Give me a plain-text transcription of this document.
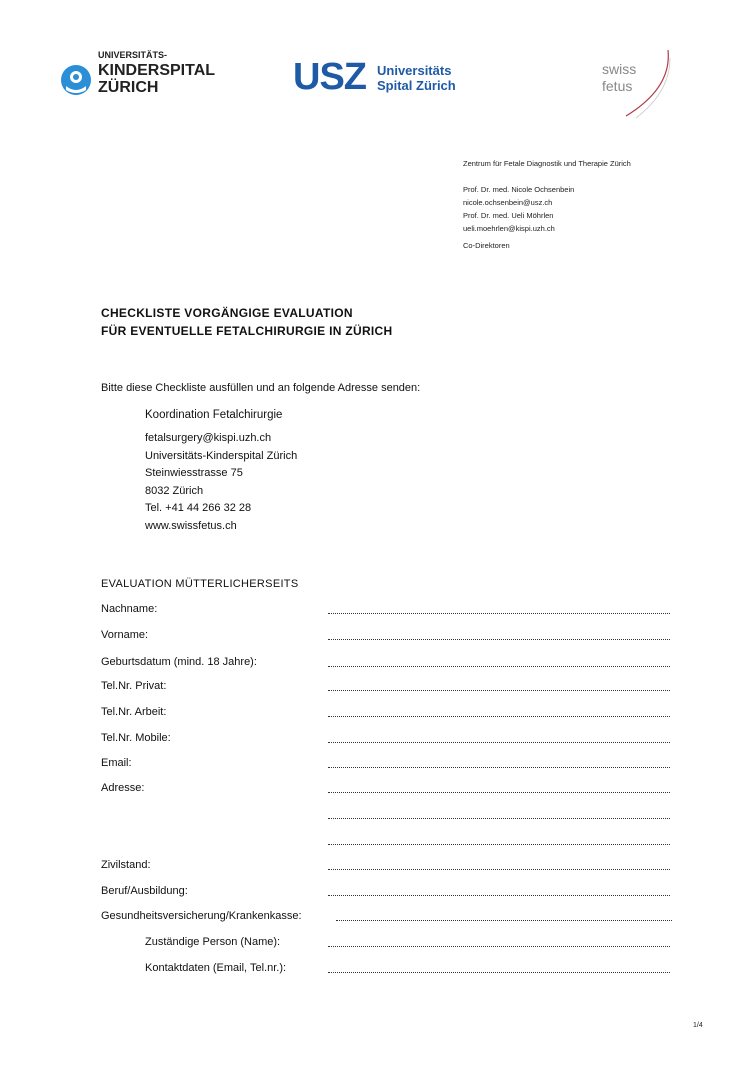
UNIVERSITÄTS-
KINDERSPITAL
ZÜRICH	USZ Universitäts
Spital Zürich
swiss
fetus
Zentrum für Fetale Diagnostik und Therapie Zürich
Prof. Dr. med. Nicole Ochsenbein
nicole.ochsenbein@usz.ch
Prof. Dr. med. Ueli Möhrlen
ueli.moehrlen@kispi.uzh.ch
Co-Direktoren
CHECKLISTE VORGÄNGIGE EVALUATION
FÜR EVENTUELLE FETALCHIRURGIE IN ZÜRICH
Bitte diese Checkliste ausfüllen und an folgende Adresse senden:
Koordination Fetalchirurgie
fetalsurgery@kispi.uzh.ch
Universitäts-Kinderspital Zürich
Steinwiesstrasse 75
8032 Zürich
Tel. +41 44 266 32 28
www.swissfetus.ch
EVALUATION MÜTTERLICHERSEITS
Nachname:
Vorname:
Geburtsdatum (mind. 18 Jahre):
Tel.Nr. Privat:
Tel.Nr. Arbeit:
Tel.Nr. Mobile:
Email:
Adresse:
Zivilstand:
Beruf/Ausbildung:
Gesundheitsversicherung/Krankenkasse:
Zuständige Person (Name):
Kontaktdaten (Email, Tel.nr.):
1/4
